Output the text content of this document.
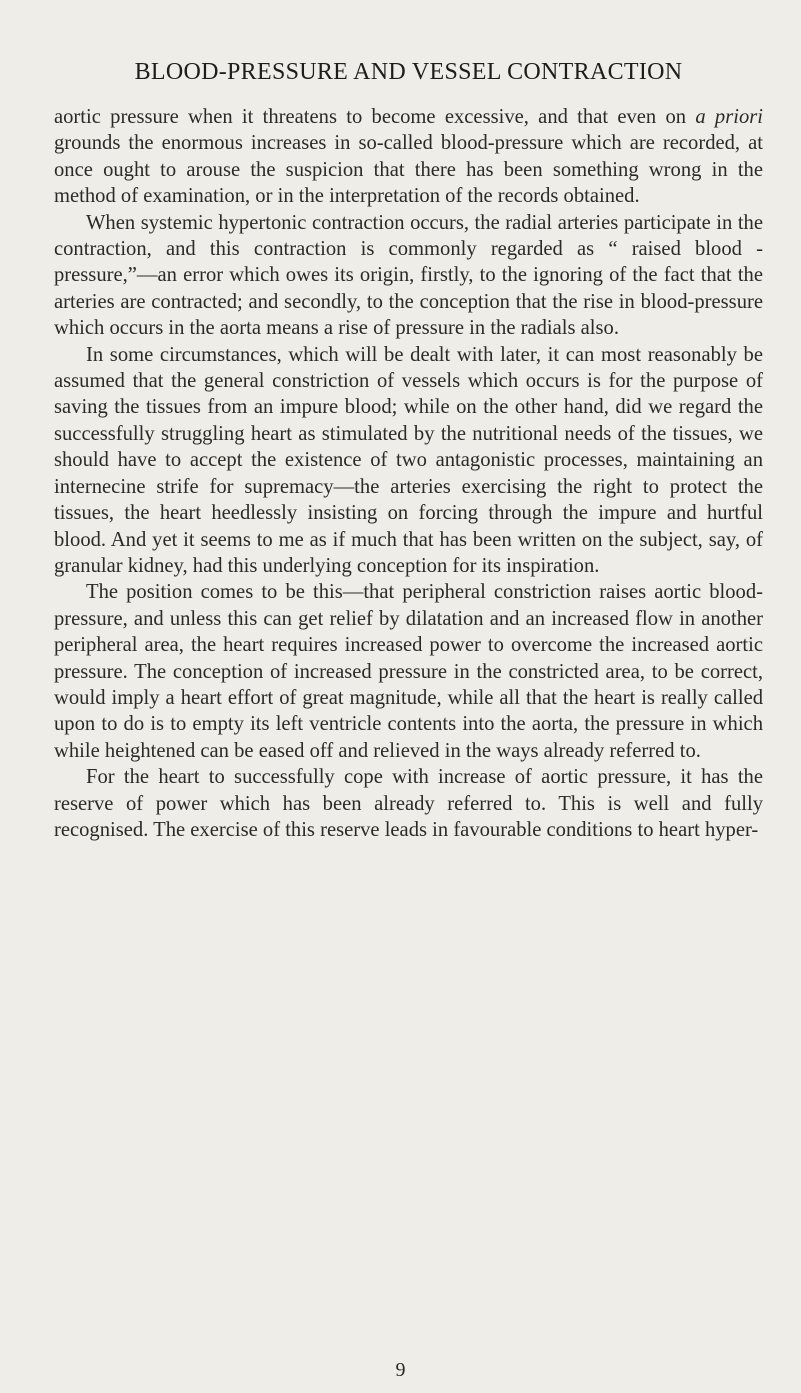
BLOOD-PRESSURE AND VESSEL CONTRACTION

aortic pressure when it threatens to become excessive, and that even on a priori grounds the enormous increases in so-called blood-pressure which are recorded, at once ought to arouse the suspicion that there has been something wrong in the method of examination, or in the interpretation of the records obtained.

When systemic hypertonic contraction occurs, the radial arteries participate in the contraction, and this contraction is commonly regarded as “ raised blood - pressure,”—an error which owes its origin, firstly, to the ignoring of the fact that the arteries are contracted; and secondly, to the conception that the rise in blood-pressure which occurs in the aorta means a rise of pressure in the radials also.

In some circumstances, which will be dealt with later, it can most reasonably be assumed that the general constriction of vessels which occurs is for the purpose of saving the tissues from an impure blood; while on the other hand, did we regard the successfully struggling heart as stimulated by the nutritional needs of the tissues, we should have to accept the existence of two antagonistic processes, maintaining an internecine strife for supremacy—the arteries exercising the right to protect the tissues, the heart heedlessly insisting on forcing through the impure and hurtful blood. And yet it seems to me as if much that has been written on the subject, say, of granular kidney, had this underlying conception for its inspiration.

The position comes to be this—that peripheral constriction raises aortic blood-pressure, and unless this can get relief by dilatation and an increased flow in another peripheral area, the heart requires increased power to overcome the increased aortic pressure. The conception of increased pressure in the constricted area, to be correct, would imply a heart effort of great magnitude, while all that the heart is really called upon to do is to empty its left ventricle contents into the aorta, the pressure in which while heightened can be eased off and relieved in the ways already referred to.

For the heart to successfully cope with increase of aortic pressure, it has the reserve of power which has been already referred to. This is well and fully recognised. The exercise of this reserve leads in favourable conditions to heart hyper-

9
